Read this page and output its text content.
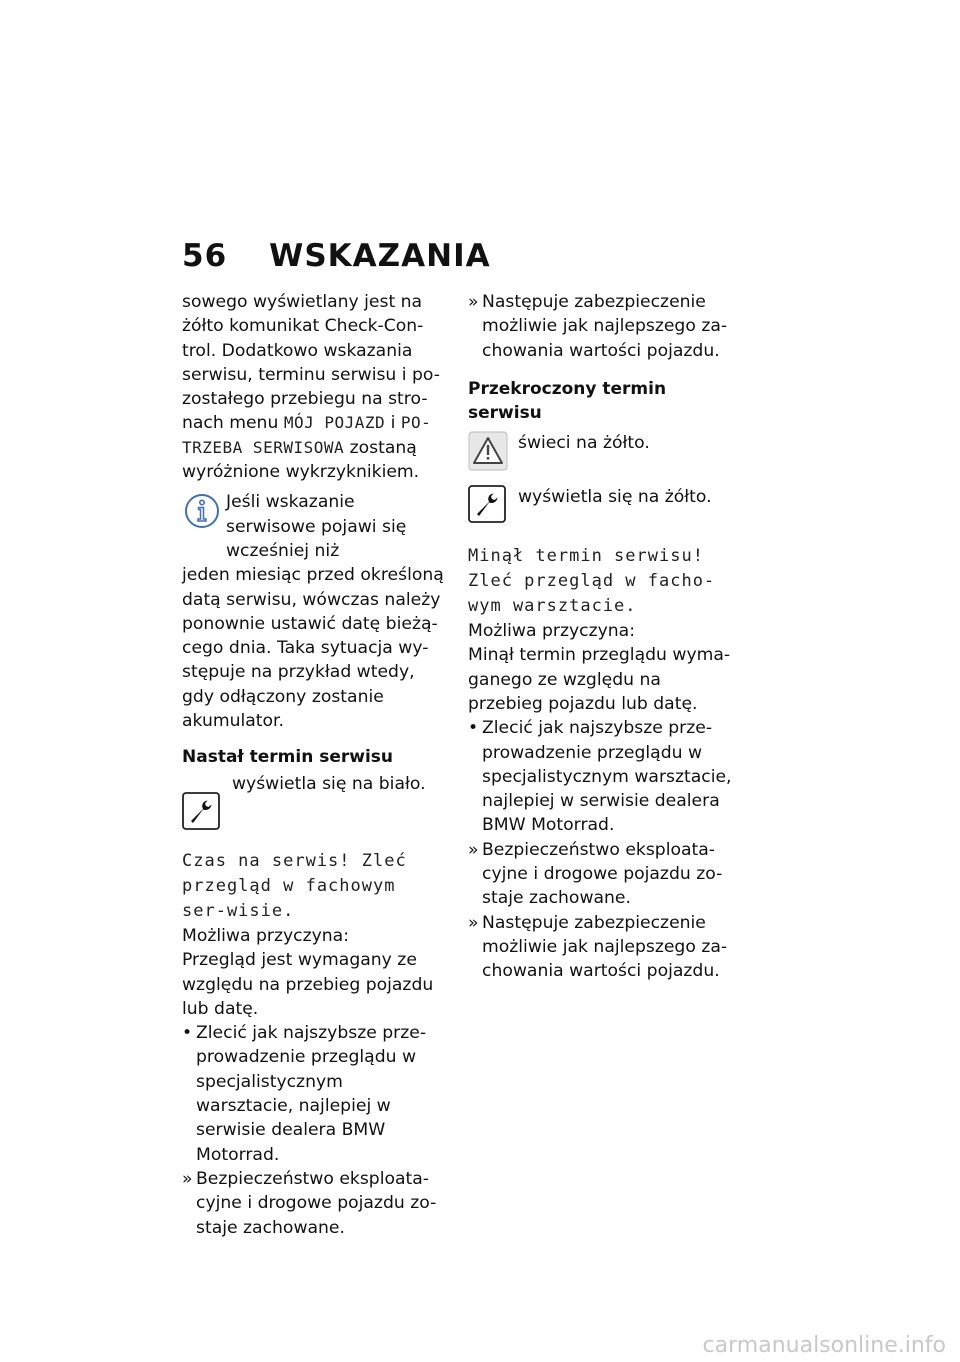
56 WSKAZANIA

sowego wyświetlany jest na żółto komunikat Check-Con-trol. Dodatkowo wskazania serwisu, terminu serwisu i po-zostałego przebiegu na stro-nach menu MÓJ POJAZD i PO-TRZEBA SERWISOWA zostaną wyróżnione wykrzyknikiem.

Jeśli wskazanie serwisowe pojawi się wcześniej niż

jeden miesiąc przed określoną datą serwisu, wówczas należy ponownie ustawić datę bieżą-cego dnia. Taka sytuacja wy-stępuje na przykład wtedy, gdy odłączony zostanie akumulator.

Nastał termin serwisu

wyświetla się na biało.

Czas na serwis! Zleć przegląd w fachowym ser-wisie.

Możliwa przyczyna:

Przegląd jest wymagany ze względu na przebieg pojazdu lub datę.

• Zlecić jak najszybsze prze-prowadzenie przeglądu w specjalistycznym warsztacie, najlepiej w serwisie dealera BMW Motorrad.
» Bezpieczeństwo eksploata-cyjne i drogowe pojazdu zo-staje zachowane.
» Następuje zabezpieczenie możliwie jak najlepszego za-chowania wartości pojazdu.

Przekroczony termin serwisu

świeci na żółto.
wyświetla się na żółto.

Minął termin serwisu! Zleć przegląd w facho-wym warsztacie.

Możliwa przyczyna:

Minął termin przeglądu wyma-ganego ze względu na przebieg pojazdu lub datę.

• Zlecić jak najszybsze prze-prowadzenie przeglądu w specjalistycznym warsztacie, najlepiej w serwisie dealera BMW Motorrad.
» Bezpieczeństwo eksploata-cyjne i drogowe pojazdu zo-staje zachowane.
» Następuje zabezpieczenie możliwie jak najlepszego za-chowania wartości pojazdu.
carmanualsonline.info
